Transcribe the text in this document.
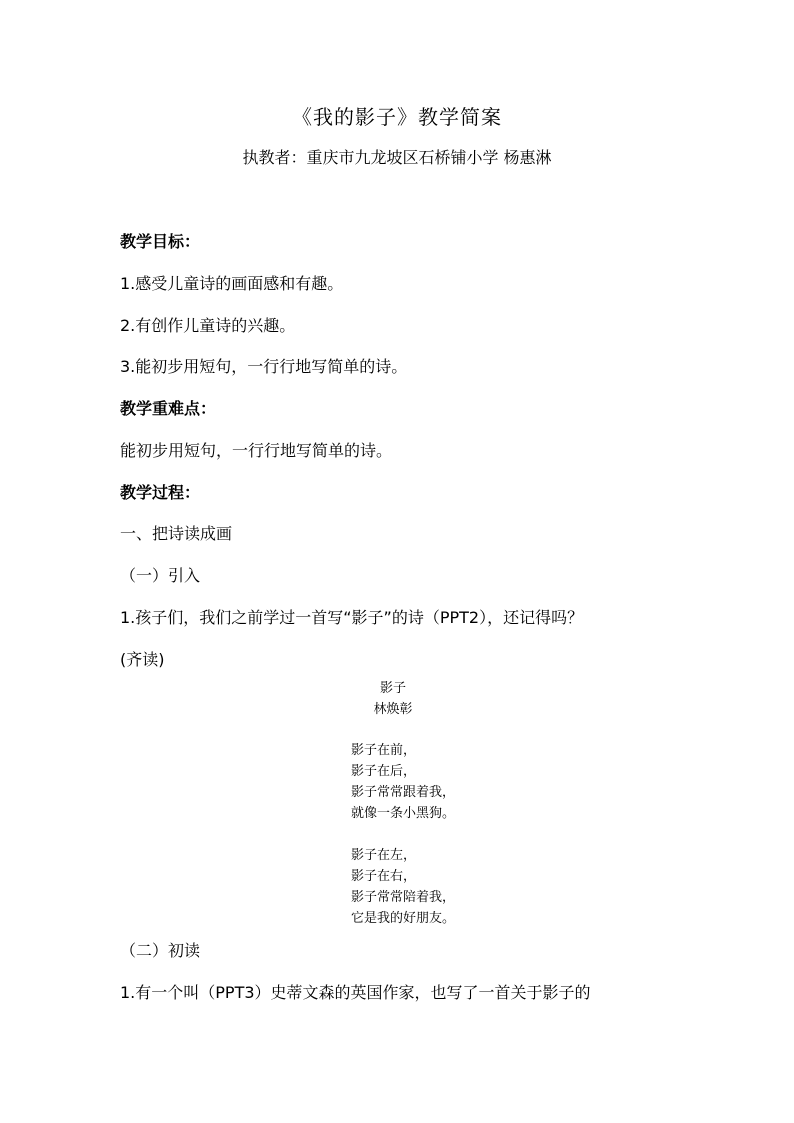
《我的影子》教学简案
执教者：重庆市九龙坡区石桥铺小学 杨惠淋
教学目标：
1.感受儿童诗的画面感和有趣。
2.有创作儿童诗的兴趣。
3.能初步用短句，一行行地写简单的诗。
教学重难点：
能初步用短句，一行行地写简单的诗。
教学过程：
一、把诗读成画
（一）引入
1.孩子们，我们之前学过一首写“影子”的诗（PPT2），还记得吗？
(齐读)
影子
林焕彰
影子在前，
影子在后，
影子常常跟着我，
就像一条小黑狗。
影子在左，
影子在右，
影子常常陪着我，
它是我的好朋友。
（二）初读
1.有一个叫（PPT3）史蒂文森的英国作家，也写了一首关于影子的
